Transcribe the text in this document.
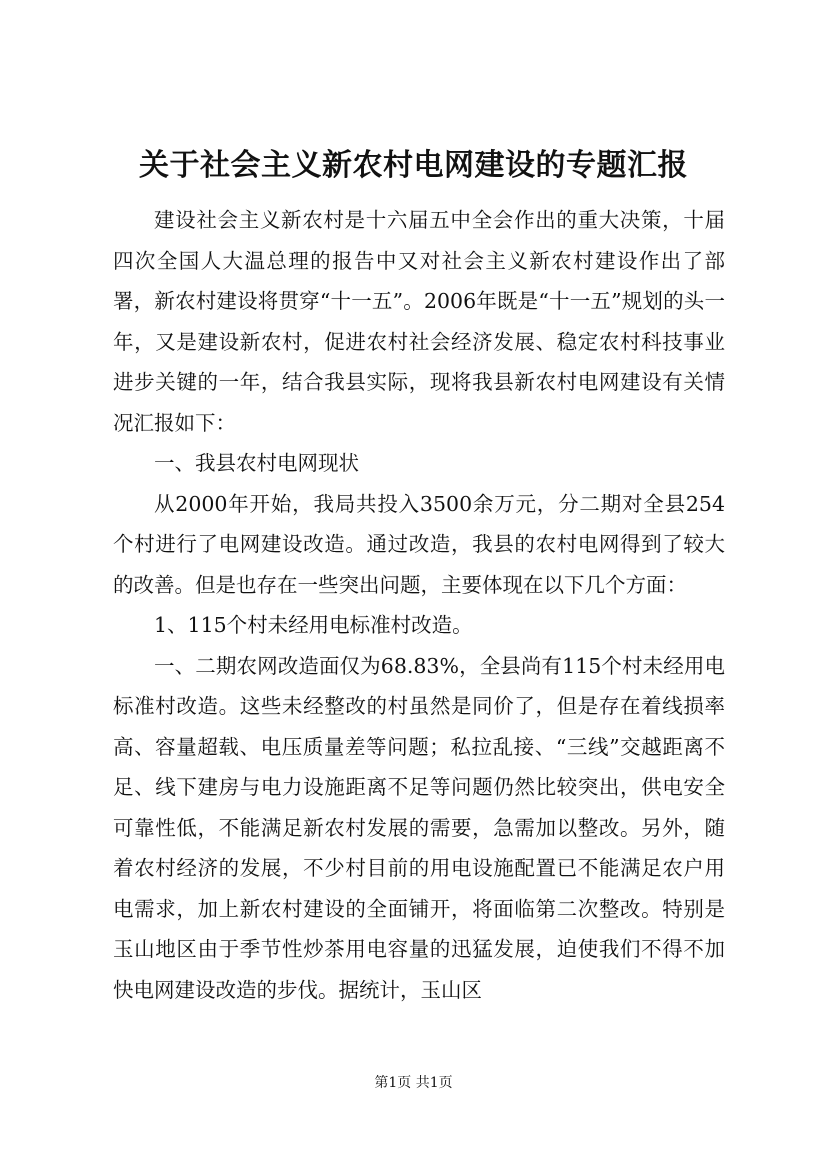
关于社会主义新农村电网建设的专题汇报

建设社会主义新农村是十六届五中全会作出的重大决策，十届四次全国人大温总理的报告中又对社会主义新农村建设作出了部署，新农村建设将贯穿“十一五”。2006年既是“十一五”规划的头一年，又是建设新农村，促进农村社会经济发展、稳定农村科技事业进步关键的一年，结合我县实际，现将我县新农村电网建设有关情况汇报如下：

一、我县农村电网现状

从2000年开始，我局共投入3500余万元，分二期对全县254个村进行了电网建设改造。通过改造，我县的农村电网得到了较大的改善。但是也存在一些突出问题，主要体现在以下几个方面：

1、115个村未经用电标准村改造。

一、二期农网改造面仅为68.83%，全县尚有115个村未经用电标准村改造。这些未经整改的村虽然是同价了，但是存在着线损率高、容量超载、电压质量差等问题；私拉乱接、“三线”交越距离不足、线下建房与电力设施距离不足等问题仍然比较突出，供电安全可靠性低，不能满足新农村发展的需要，急需加以整改。另外，随着农村经济的发展，不少村目前的用电设施配置已不能满足农户用电需求，加上新农村建设的全面铺开，将面临第二次整改。特别是玉山地区由于季节性炒茶用电容量的迅猛发展，迫使我们不得不加快电网建设改造的步伐。据统计，玉山区

第1页 共1页
